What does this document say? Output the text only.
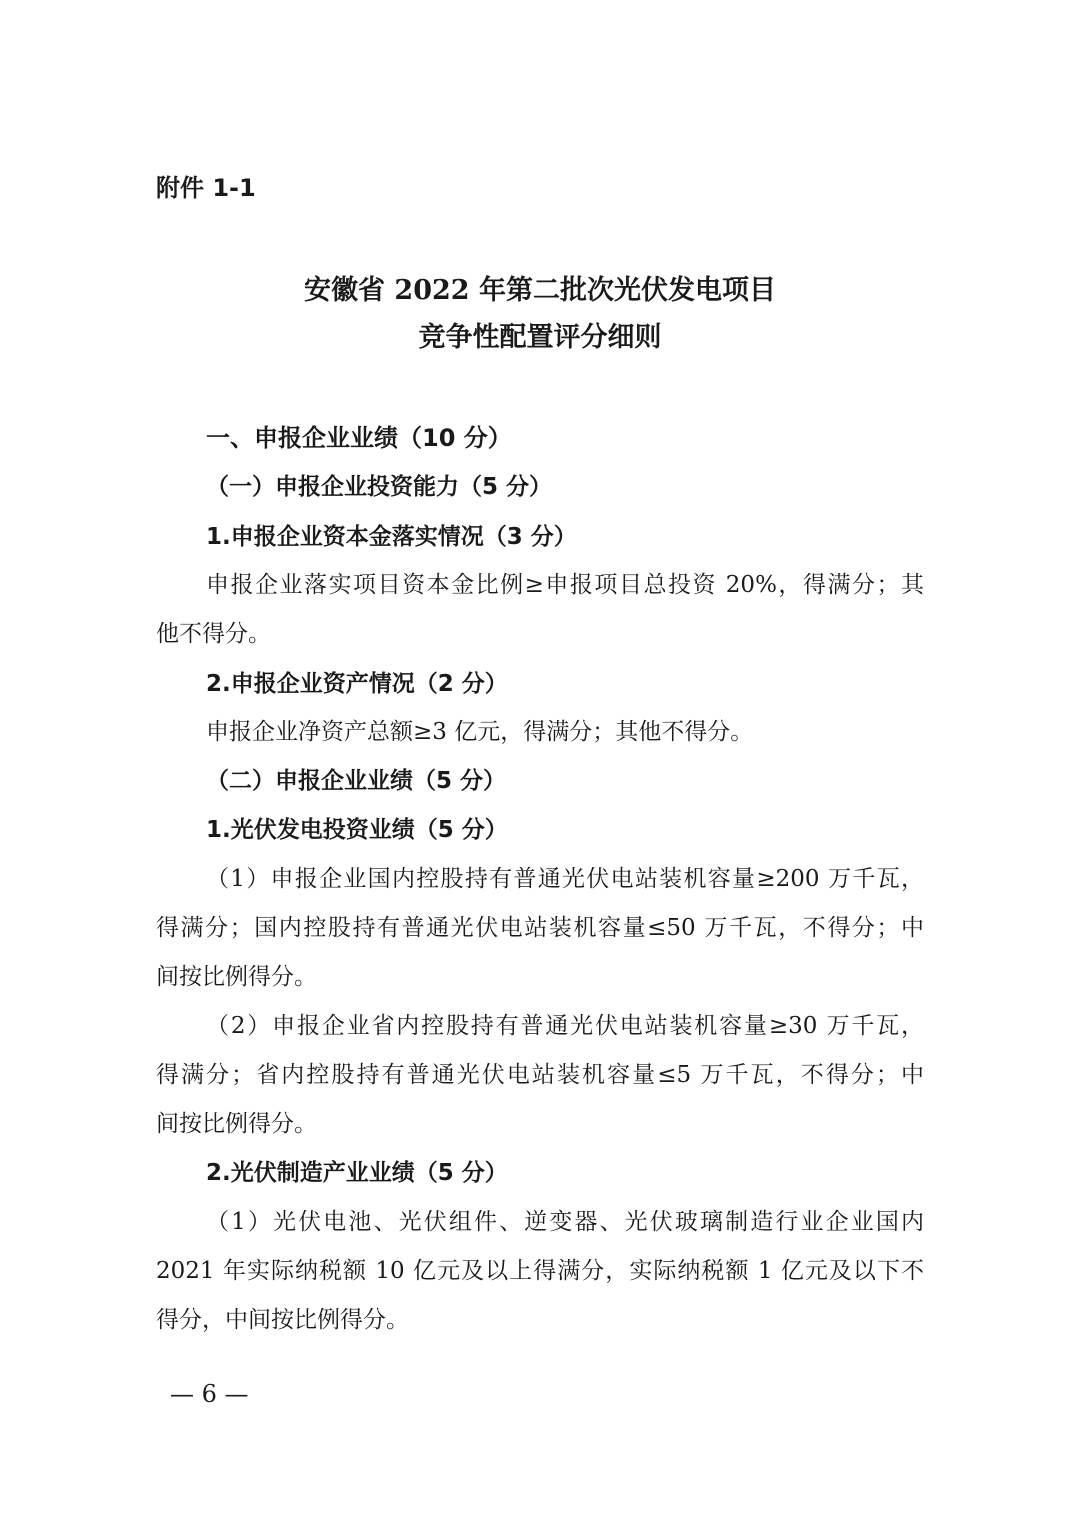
附件 1-1
安徽省 2022 年第二批次光伏发电项目
竞争性配置评分细则
一、申报企业业绩（10 分）
（一）申报企业投资能力（5 分）
1.申报企业资本金落实情况（3 分）
申报企业落实项目资本金比例≥申报项目总投资 20%，得满分；其
他不得分。
2.申报企业资产情况（2 分）
申报企业净资产总额≥3 亿元，得满分；其他不得分。
（二）申报企业业绩（5 分）
1.光伏发电投资业绩（5 分）
（1）申报企业国内控股持有普通光伏电站装机容量≥200 万千瓦，
得满分；国内控股持有普通光伏电站装机容量≤50 万千瓦，不得分；中
间按比例得分。
（2）申报企业省内控股持有普通光伏电站装机容量≥30 万千瓦，
得满分；省内控股持有普通光伏电站装机容量≤5 万千瓦，不得分；中
间按比例得分。
2.光伏制造产业业绩（5 分）
（1）光伏电池、光伏组件、逆变器、光伏玻璃制造行业企业国内
2021 年实际纳税额 10 亿元及以上得满分，实际纳税额 1 亿元及以下不
得分，中间按比例得分。
— 6 —
